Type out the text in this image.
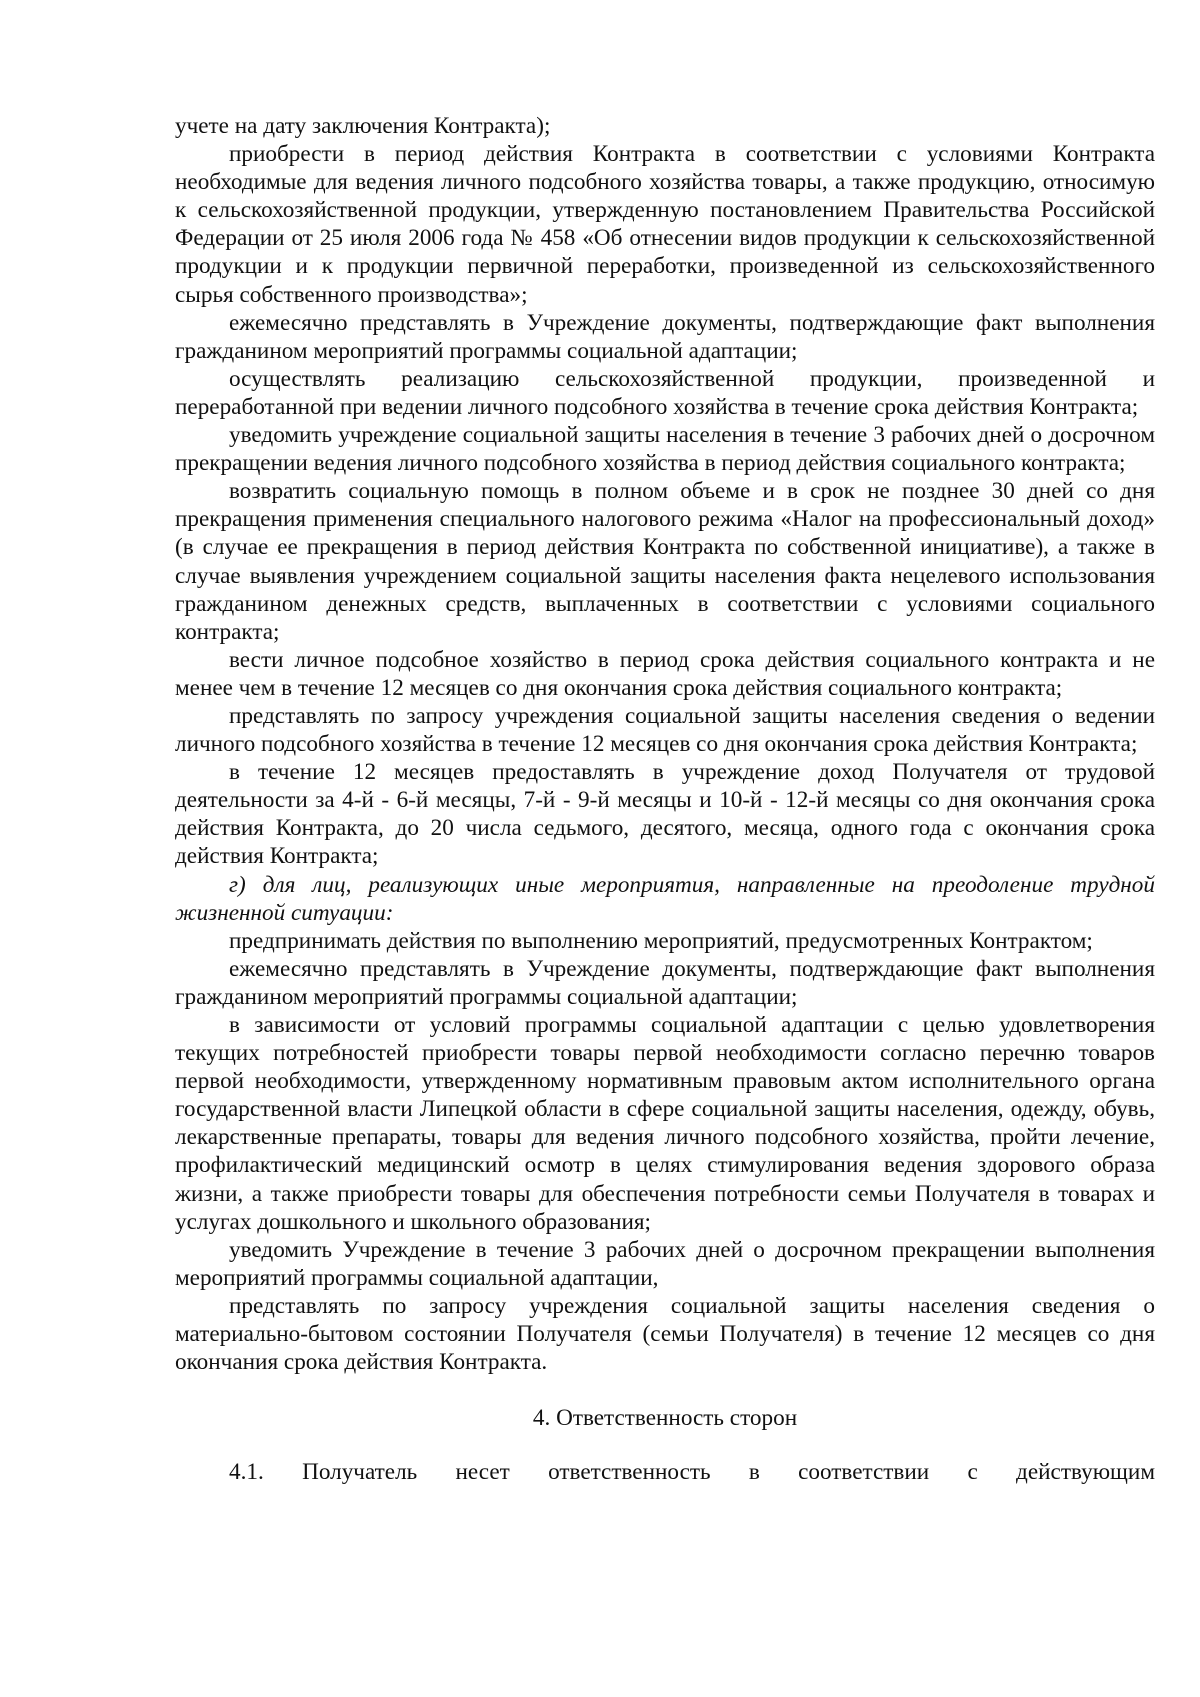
учете на дату заключения Контракта);

приобрести в период действия Контракта в соответствии с условиями Контракта необходимые для ведения личного подсобного хозяйства товары, а также продукцию, относимую к сельскохозяйственной продукции, утвержденную постановлением Правительства Российской Федерации от 25 июля 2006 года № 458 «Об отнесении видов продукции к сельскохозяйственной продукции и к продукции первичной переработки, произведенной из сельскохозяйственного сырья собственного производства»;

ежемесячно представлять в Учреждение документы, подтверждающие факт выполнения гражданином мероприятий программы социальной адаптации;

осуществлять реализацию сельскохозяйственной продукции, произведенной и переработанной при ведении личного подсобного хозяйства в течение срока действия Контракта;

уведомить учреждение социальной защиты населения в течение 3 рабочих дней о досрочном прекращении ведения личного подсобного хозяйства в период действия социального контракта;

возвратить социальную помощь в полном объеме и в срок не позднее 30 дней со дня прекращения применения специального налогового режима «Налог на профессиональный доход» (в случае ее прекращения в период действия Контракта по собственной инициативе), а также в случае выявления учреждением социальной защиты населения факта нецелевого использования гражданином денежных средств, выплаченных в соответствии с условиями социального контракта;

вести личное подсобное хозяйство в период срока действия социального контракта и не менее чем в течение 12 месяцев со дня окончания срока действия социального контракта;

представлять по запросу учреждения социальной защиты населения сведения о ведении личного подсобного хозяйства в течение 12 месяцев со дня окончания срока действия Контракта;

в течение 12 месяцев предоставлять в учреждение доход Получателя от трудовой деятельности за 4-й - 6-й месяцы, 7-й - 9-й месяцы и 10-й - 12-й месяцы со дня окончания срока действия Контракта, до 20 числа седьмого, десятого, месяца, одного года с окончания срока действия Контракта;

г) для лиц, реализующих иные мероприятия, направленные на преодоление трудной жизненной ситуации:

предпринимать действия по выполнению мероприятий, предусмотренных Контрактом;

ежемесячно представлять в Учреждение документы, подтверждающие факт выполнения гражданином мероприятий программы социальной адаптации;

в зависимости от условий программы социальной адаптации с целью удовлетворения текущих потребностей приобрести товары первой необходимости согласно перечню товаров первой необходимости, утвержденному нормативным правовым актом исполнительного органа государственной власти Липецкой области в сфере социальной защиты населения, одежду, обувь, лекарственные препараты, товары для ведения личного подсобного хозяйства, пройти лечение, профилактический медицинский осмотр в целях стимулирования ведения здорового образа жизни, а также приобрести товары для обеспечения потребности семьи Получателя в товарах и услугах дошкольного и школьного образования;

уведомить Учреждение в течение 3 рабочих дней о досрочном прекращении выполнения мероприятий программы социальной адаптации,

представлять по запросу учреждения социальной защиты населения сведения о материально-бытовом состоянии Получателя (семьи Получателя) в течение 12 месяцев со дня окончания срока действия Контракта.

4. Ответственность сторон

4.1. Получатель несет ответственность в соответствии с действующим
